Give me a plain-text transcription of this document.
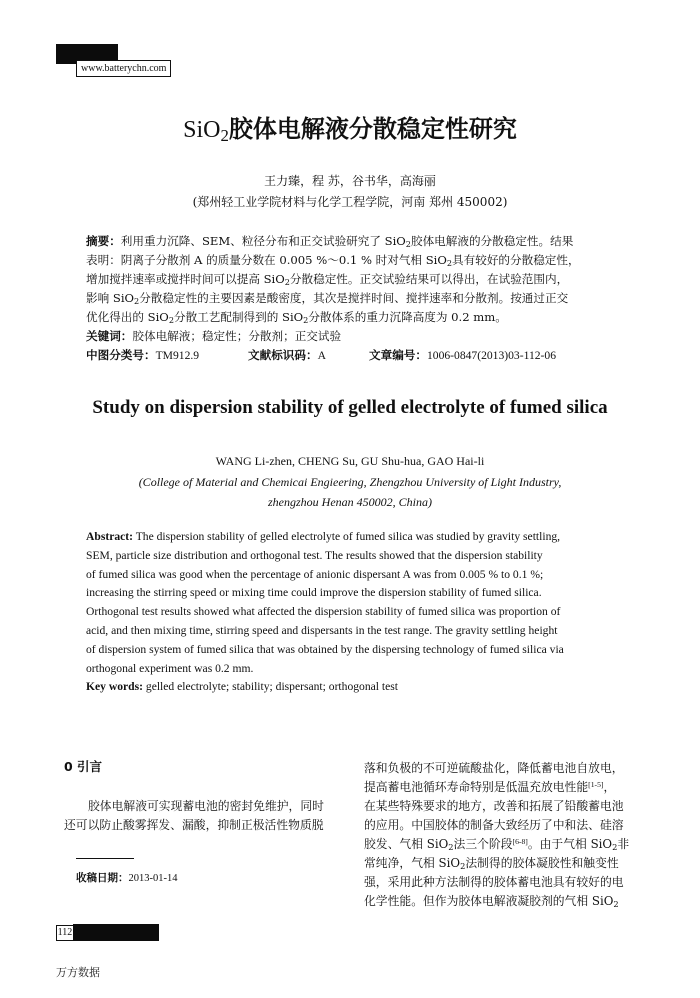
www.batterychn.com
SiO$_2$胶体电解液分散稳定性研究
王力臻，程 苏，谷书华，高海丽
(郑州轻工业学院材料与化学工程学院，河南 郑州 450002)
摘要：利用重力沉降、SEM、粒径分布和正交试验研究了 SiO$_2$胶体电解液的分散稳定性。结果
表明：阴离子分散剂 A 的质量分数在 0.005 %～0.1 % 时对气相 SiO$_2$具有较好的分散稳定性，
增加搅拌速率或搅拌时间可以提高 SiO$_2$分散稳定性。正交试验结果可以得出，在试验范围内，
影响 SiO$_2$分散稳定性的主要因素是酸密度，其次是搅拌时间、搅拌速率和分散剂。按通过正交
优化得出的 SiO$_2$分散工艺配制得到的 SiO$_2$分散体系的重力沉降高度为 0.2 mm。
关键词：胶体电解液；稳定性；分散剂；正交试验
中图分类号：TM912.9	文献标识码：A	文章编号：1006-0847(2013)03-112-06
Study on dispersion stability of gelled electrolyte of fumed silica
WANG Li-zhen, CHENG Su, GU Shu-hua, GAO Hai-li
(College of Material and Chemicai Engieering, Zhengzhou University of Light Industry,
zhengzhou Henan 450002, China)
Abstract: The dispersion stability of gelled electrolyte of fumed silica was studied by gravity settling,
SEM, particle size distribution and orthogonal test. The results showed that the dispersion stability
of fumed silica was good when the percentage of anionic dispersant A was from 0.005 % to 0.1 %;
increasing the stirring speed or mixing time could improve the dispersion stability of fumed silica.
Orthogonal test results showed what affected the dispersion stability of fumed silica was proportion of
acid, and then mixing time, stirring speed and dispersants in the test range. The gravity settling height
of dispersion system of fumed silica that was obtained by the dispersing technology of fumed silica via
orthogonal experiment was 0.2 mm.
Key words: gelled electrolyte; stability; dispersant; orthogonal test
0 引言
胶体电解液可实现蓄电池的密封免维护，同时
还可以防止酸雾挥发、漏酸，抑制正极活性物质脱
收稿日期：2013-01-14
落和负极的不可逆硫酸盐化，降低蓄电池自放电，
提高蓄电池循环寿命特别是低温充放电性能[1-5]，
在某些特殊要求的地方，改善和拓展了铅酸蓄电池
的应用。中国胶体的制备大致经历了中和法、硅溶
胶发、气相 SiO$_2$法三个阶段[6-8]。由于气相 SiO$_2$非
常纯净，气相 SiO$_2$法制得的胶体凝胶性和触变性
强，采用此种方法制得的胶体蓄电池具有较好的电
化学性能。但作为胶体电解液凝胶剂的气相 SiO$_2$
112
万方数据
